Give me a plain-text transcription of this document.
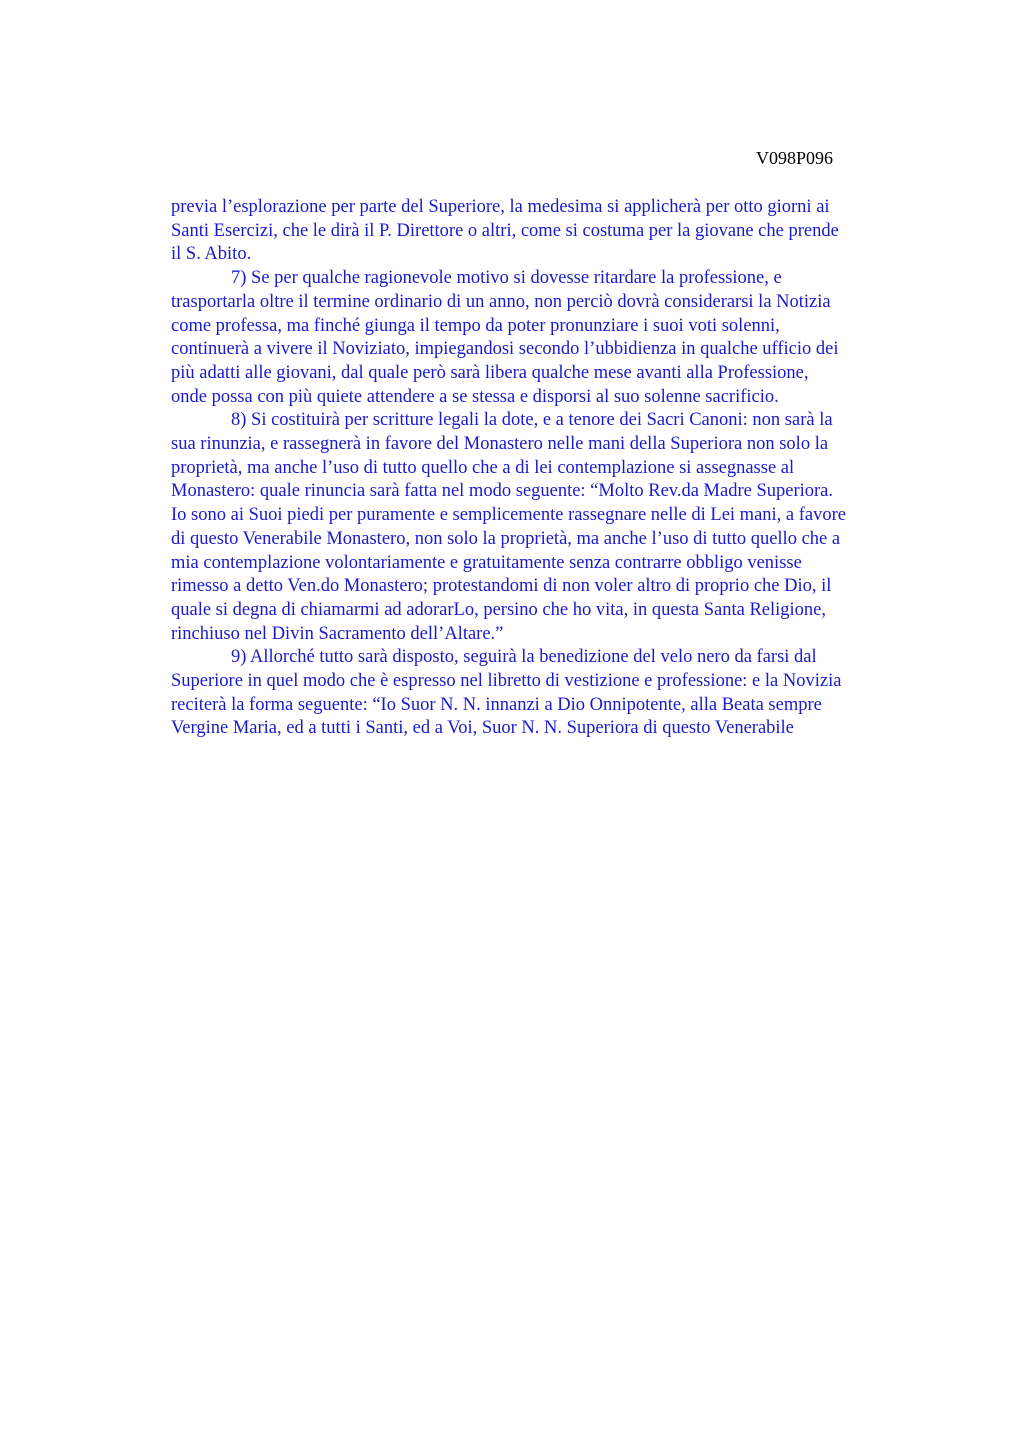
V098P096
previa l’esplorazione per parte del Superiore, la medesima si applicherà per otto giorni ai
Santi Esercizi, che le dirà il P. Direttore o altri, come si costuma per la giovane che prende
il S. Abito.
7) Se per qualche ragionevole motivo si dovesse ritardare la professione, e
trasportarla oltre il termine ordinario di un anno, non perciò dovrà considerarsi la Notizia
come professa, ma finché giunga il tempo da poter pronunziare i suoi voti solenni,
continuerà a vivere il Noviziato, impiegandosi secondo l’ubbidienza in qualche ufficio dei
più adatti alle giovani, dal quale però sarà libera qualche mese avanti alla Professione,
onde possa con più quiete attendere a se stessa e disporsi al suo solenne sacrificio.
8) Si costituirà per scritture legali la dote, e a tenore dei Sacri Canoni: non sarà la
sua rinunzia, e rassegnerà in favore del Monastero nelle mani della Superiora non solo la
proprietà, ma anche l’uso di tutto quello che a di lei contemplazione si assegnasse al
Monastero: quale rinuncia sarà fatta nel modo seguente: “Molto Rev.da Madre Superiora.
Io sono ai Suoi piedi per puramente e semplicemente rassegnare nelle di Lei mani, a favore
di questo Venerabile Monastero, non solo la proprietà, ma anche l’uso di tutto quello che a
mia contemplazione volontariamente e gratuitamente senza contrarre obbligo venisse
rimesso a detto Ven.do Monastero; protestandomi di non voler altro di proprio che Dio, il
quale si degna di chiamarmi ad adorarLo, persino che ho vita, in questa Santa Religione,
rinchiuso nel Divin Sacramento dell’Altare.”
9) Allorché tutto sarà disposto, seguirà la benedizione del velo nero da farsi dal
Superiore in quel modo che è espresso nel libretto di vestizione e professione: e la Novizia
reciterà la forma seguente: “Io Suor N. N. innanzi a Dio Onnipotente, alla Beata sempre
Vergine Maria, ed a tutti i Santi, ed a Voi, Suor N. N. Superiora di questo Venerabile
